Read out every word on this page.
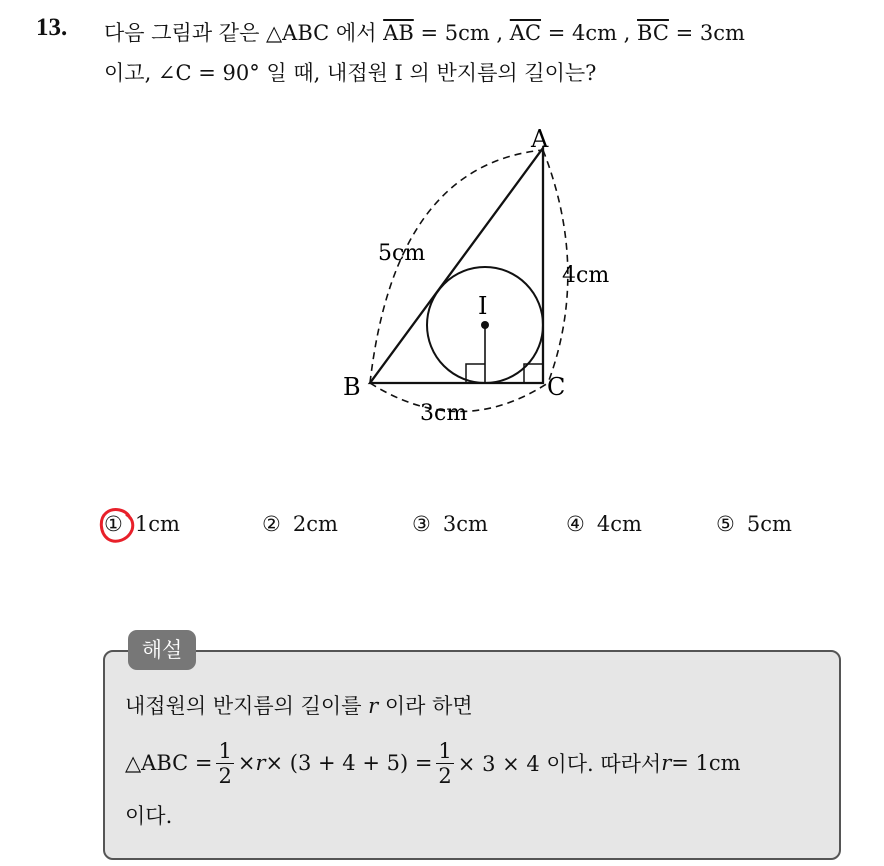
13. 다음 그림과 같은 △ABC 에서 $\overline{AB} = 5cm$ , $\overline{AC} = 4cm$ , $\overline{BC} = 3cm$
이고, ∠C = 90° 일 때, 내접원 I 의 반지름의 길이는?
A
B	C
I
5cm
4cm
3cm
① 1cm	② 2cm	③ 3cm	④ 4cm	⑤ 5cm
해설
내접원의 반지름의 길이를 r 이라 하면
△ABC = $\frac{1}{2} \times r \times (3 + 4 + 5) = \frac{1}{2} \times 3 \times 4$ 이다. 따라서 r = 1cm
이다.
